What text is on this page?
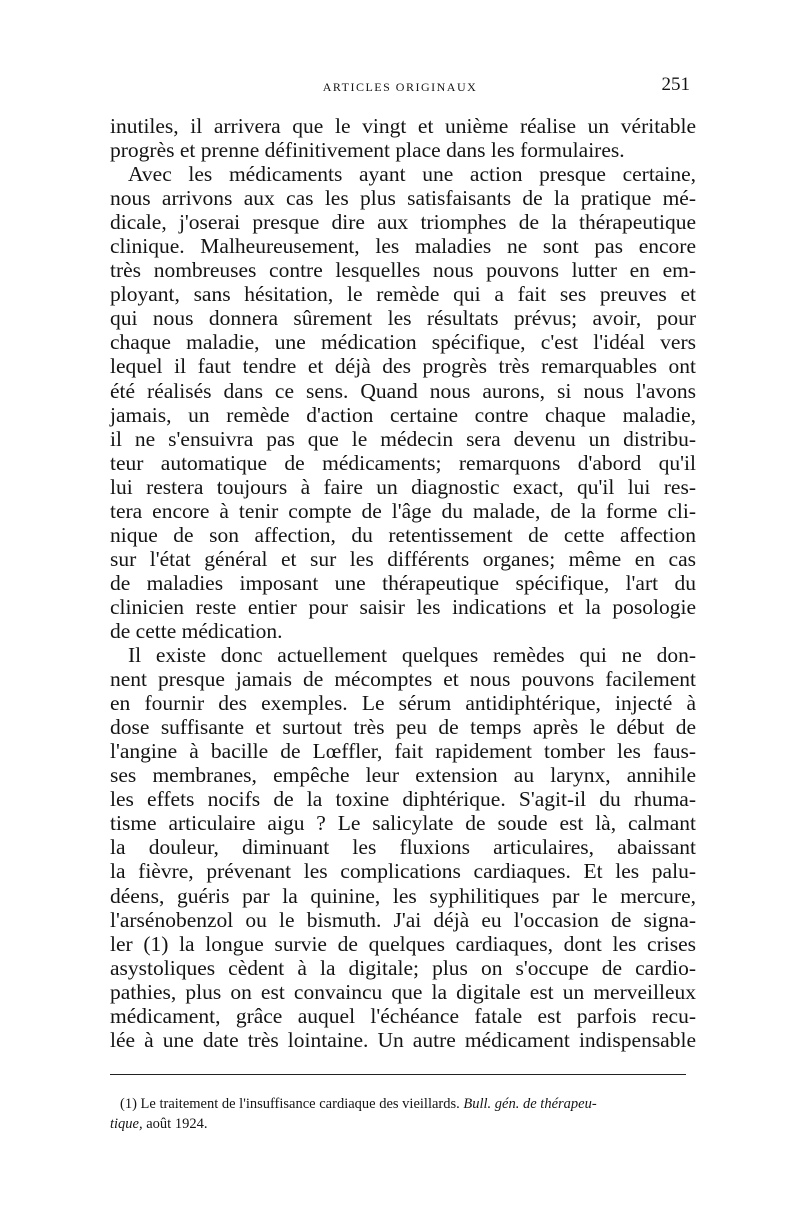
ARTICLES ORIGINAUX	251

inutiles, il arrivera que le vingt et unième réalise un véritable
progrès et prenne définitivement place dans les formulaires.

Avec les médicaments ayant une action presque certaine,
nous arrivons aux cas les plus satisfaisants de la pratique mé-
dicale, j'oserai presque dire aux triomphes de la thérapeutique
clinique. Malheureusement, les maladies ne sont pas encore
très nombreuses contre lesquelles nous pouvons lutter en em-
ployant, sans hésitation, le remède qui a fait ses preuves et
qui nous donnera sûrement les résultats prévus; avoir, pour
chaque maladie, une médication spécifique, c'est l'idéal vers
lequel il faut tendre et déjà des progrès très remarquables ont
été réalisés dans ce sens. Quand nous aurons, si nous l'avons
jamais, un remède d'action certaine contre chaque maladie,
il ne s'ensuivra pas que le médecin sera devenu un distribu-
teur automatique de médicaments; remarquons d'abord qu'il
lui restera toujours à faire un diagnostic exact, qu'il lui res-
tera encore à tenir compte de l'âge du malade, de la forme cli-
nique de son affection, du retentissement de cette affection
sur l'état général et sur les différents organes; même en cas
de maladies imposant une thérapeutique spécifique, l'art du
clinicien reste entier pour saisir les indications et la posologie
de cette médication.

Il existe donc actuellement quelques remèdes qui ne don-
nent presque jamais de mécomptes et nous pouvons facilement
en fournir des exemples. Le sérum antidiphtérique, injecté à
dose suffisante et surtout très peu de temps après le début de
l'angine à bacille de Lœffler, fait rapidement tomber les faus-
ses membranes, empêche leur extension au larynx, annihile
les effets nocifs de la toxine diphtérique. S'agit-il du rhuma-
tisme articulaire aigu ? Le salicylate de soude est là, calmant
la douleur, diminuant les fluxions articulaires, abaissant
la fièvre, prévenant les complications cardiaques. Et les palu-
déens, guéris par la quinine, les syphilitiques par le mercure,
l'arsénobenzol ou le bismuth. J'ai déjà eu l'occasion de signa-
ler (1) la longue survie de quelques cardiaques, dont les crises
asystoliques cèdent à la digitale; plus on s'occupe de cardio-
pathies, plus on est convaincu que la digitale est un merveilleux
médicament, grâce auquel l'échéance fatale est parfois recu-
lée à une date très lointaine. Un autre médicament indispensable

(1) Le traitement de l'insuffisance cardiaque des vieillards. Bull. gén. de thérapeu-
tique, août 1924.
